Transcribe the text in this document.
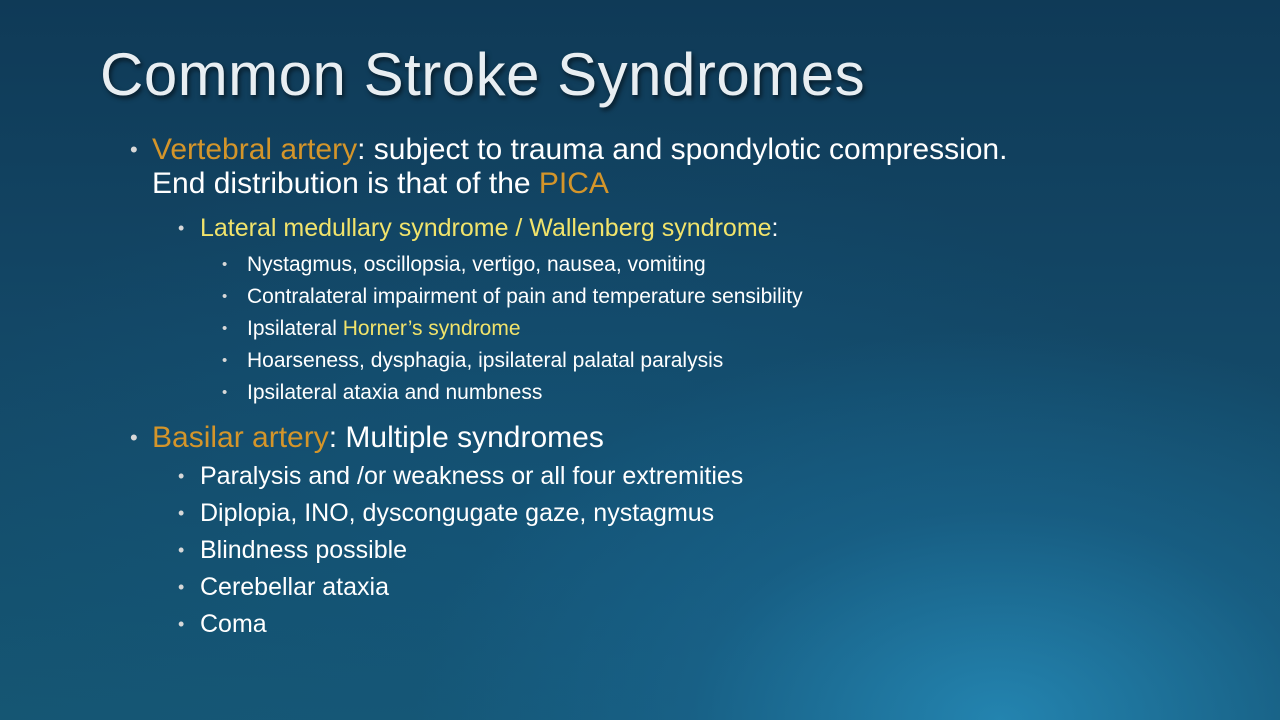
Common Stroke Syndromes
• Vertebral artery: subject to trauma and spondylotic compression.
End distribution is that of the PICA
• Lateral medullary syndrome / Wallenberg syndrome:
• Nystagmus, oscillopsia, vertigo, nausea, vomiting
• Contralateral impairment of pain and temperature sensibility
• Ipsilateral Horner’s syndrome
• Hoarseness, dysphagia, ipsilateral palatal paralysis
• Ipsilateral ataxia and numbness
• Basilar artery: Multiple syndromes
• Paralysis and /or weakness or all four extremities
• Diplopia, INO, dyscongugate gaze, nystagmus
• Blindness possible
• Cerebellar ataxia
• Coma
